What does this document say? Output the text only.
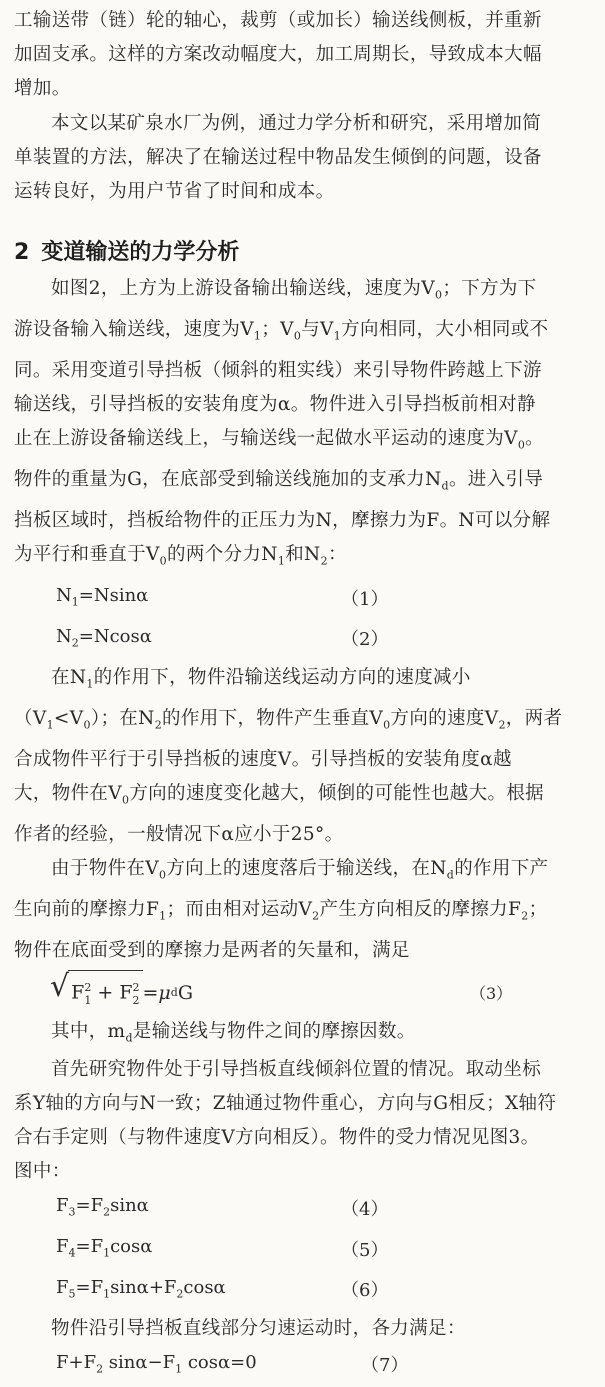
工输送带（链）轮的轴心，裁剪（或加长）输送线侧板，并重新
加固支承。这样的方案改动幅度大，加工周期长，导致成本大幅
增加。
本文以某矿泉水厂为例，通过力学分析和研究，采用增加简
单装置的方法，解决了在输送过程中物品发生倾倒的问题，设备
运转良好，为用户节省了时间和成本。
2 变道输送的力学分析
如图2，上方为上游设备输出输送线，速度为$V_0$；下方为下
游设备输入输送线，速度为$V_1$；$V_0$与$V_1$方向相同，大小相同或不
同。采用变道引导挡板（倾斜的粗实线）来引导物件跨越上下游
输送线，引导挡板的安装角度为α。物件进入引导挡板前相对静
止在上游设备输送线上，与输送线一起做水平运动的速度为$V_0$。
物件的重量为G，在底部受到输送线施加的支承力$N_d$。进入引导
挡板区域时，挡板给物件的正压力为N，摩擦力为F。N可以分解
为平行和垂直于$V_0$的两个分力$N_1$和$N_2$：
$N_1=Nsin\alpha$	（1）
$N_2=Ncos\alpha$	（2）
在$N_1$的作用下，物件沿输送线运动方向的速度减小
$(V_1<V_0)$；在$N_2$的作用下，物件产生垂直$V_0$方向的速度$V_2$，两者
合成物件平行于引导挡板的速度V。引导挡板的安装角度α越
大，物件在$V_0$方向的速度变化越大，倾倒的可能性也越大。根据
作者的经验，一般情况下α应小于25°。
由于物件在$V_0$方向上的速度落后于输送线，在$N_d$的作用下产
生向前的摩擦力$F_1$；而由相对运动$V_2$产生方向相反的摩擦力$F_2$；
物件在底面受到的摩擦力是两者的矢量和，满足
√ $F^2_1 + F^2_2 = \mu$ d G	（3）
其中，$m_d$是输送线与物件之间的摩擦因数。
首先研究物件处于引导挡板直线倾斜位置的情况。取动坐标
系Y轴的方向与N一致；Z轴通过物件重心，方向与G相反；X轴符
合右手定则（与物件速度V方向相反）。物件的受力情况见图3。
图中：
$F_3=F_2\sin\alpha$	（4）
$F_4=F_1\cos\alpha$	（5）
$F_5=F_1\sin\alpha+F_2\cos\alpha$	（6）
物件沿引导挡板直线部分匀速运动时，各力满足：
$F+F_2$ $\sin\alpha-F_1$ cosα=0	（7）
